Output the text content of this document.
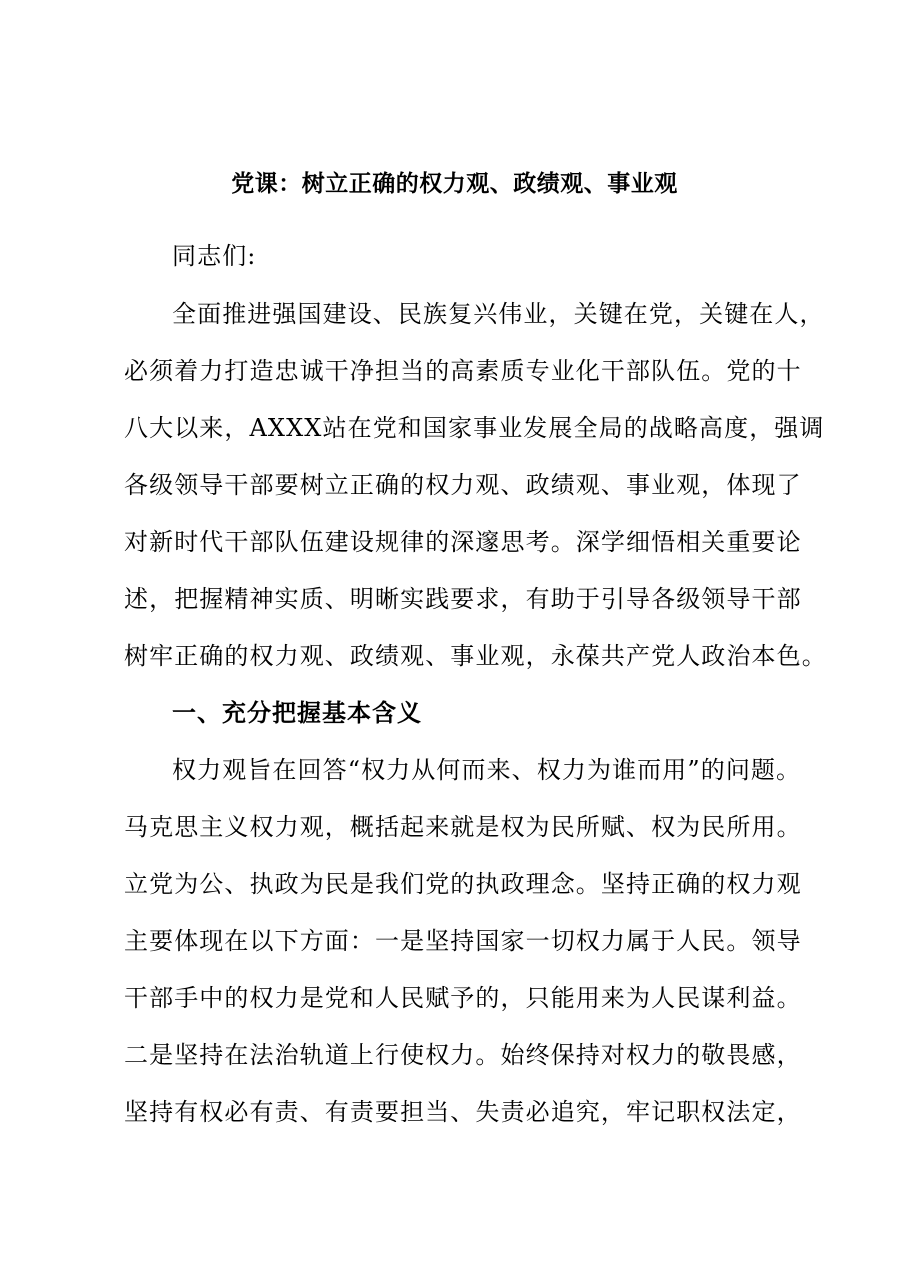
党课：树立正确的权力观、政绩观、事业观
同志们:
全面推进强国建设、民族复兴伟业，关键在党，关键在人，
必须着力打造忠诚干净担当的高素质专业化干部队伍。党的十
八大以来，AXXX站在党和国家事业发展全局的战略高度，强调
各级领导干部要树立正确的权力观、政绩观、事业观，体现了
对新时代干部队伍建设规律的深邃思考。深学细悟相关重要论
述，把握精神实质、明晰实践要求，有助于引导各级领导干部
树牢正确的权力观、政绩观、事业观，永葆共产党人政治本色。
一、充分把握基本含义
权力观旨在回答“权力从何而来、权力为谁而用”的问题。
马克思主义权力观，概括起来就是权为民所赋、权为民所用。
立党为公、执政为民是我们党的执政理念。坚持正确的权力观
主要体现在以下方面：一是坚持国家一切权力属于人民。领导
干部手中的权力是党和人民赋予的，只能用来为人民谋利益。
二是坚持在法治轨道上行使权力。始终保持对权力的敬畏感，
坚持有权必有责、有责要担当、失责必追究，牢记职权法定，
